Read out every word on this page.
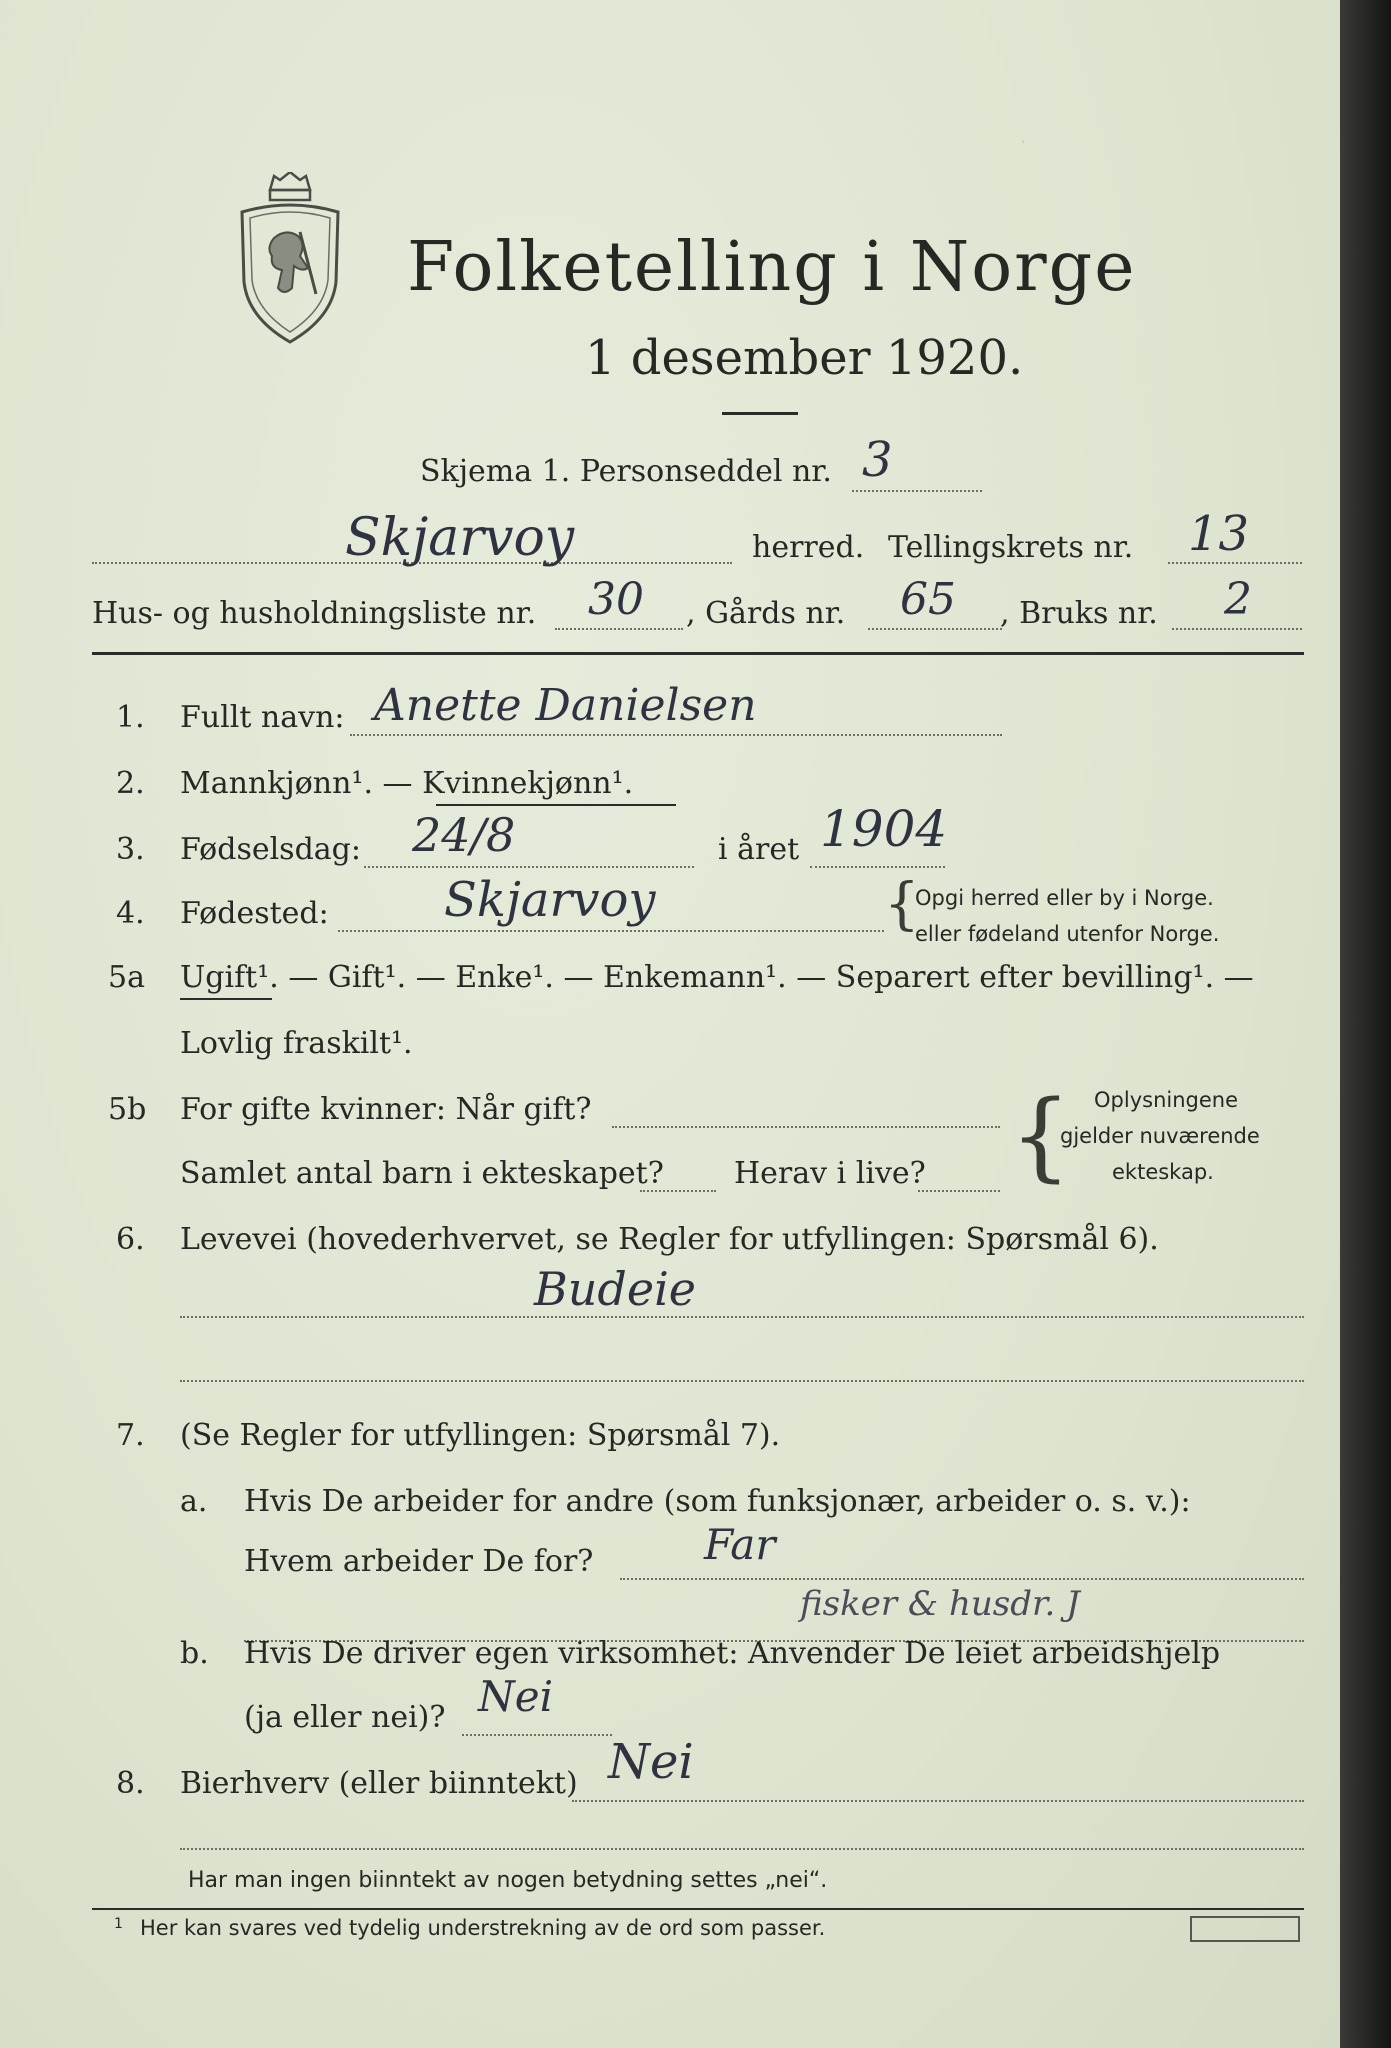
·

Folketelling i Norge
1 desember 1920.
Skjema 1. Personseddel nr. 3
Skjarvoy	herred. Tellingskrets nr. 13
Hus- og husholdningsliste nr. 30 , Gårds nr. 65 , Bruks nr. 2
1. Fullt navn: Anette Danielsen
2. Mannkjønn¹. — Kvinnekjønn¹.
3. Fødselsdag: 24/8	i året 1904
4. Fødested: Skjarvoy	{
Opgi herred eller by i Norge.
eller fødeland utenfor Norge.
5a Ugift¹. — Gift¹. — Enke¹. — Enkemann¹. — Separert efter bevilling¹. —
Lovlig fraskilt¹.
5b For gifte kvinner: Når gift?
Samlet antal barn i ekteskapet? Herav i live? { Oplysningene
gjelder nuværende
ekteskap.
6. Levevei (hovederhvervet, se Regler for utfyllingen: Spørsmål 6).
Budeie
7. (Se Regler for utfyllingen: Spørsmål 7).
a. Hvis De arbeider for andre (som funksjonær, arbeider o. s. v.):
Hvem arbeider De for?	Far
fisker & husdr. J
b. Hvis De driver egen virksomhet: Anvender De leiet arbeidshjelp
(ja eller nei)? Nei
8. Bierhverv (eller biinntekt) Nei
Har man ingen biinntekt av nogen betydning settes „nei“.
1 Her kan svares ved tydelig understrekning av de ord som passer.
